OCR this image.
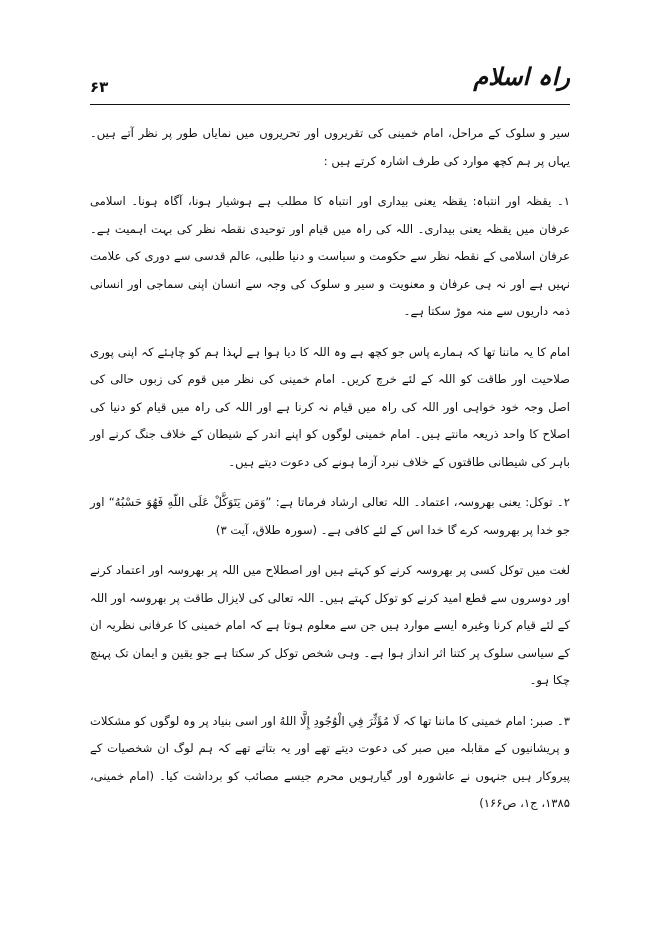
۶۳	راہ اسلام

سیر و سلوک کے مراحل، امام خمینی کی تقریروں اور تحریروں میں نمایاں طور پر نظر آتے ہیں۔ یہاں پر ہم کچھ موارد کی طرف اشارہ کرتے ہیں :

۱۔ یقظہ اور انتباہ: یقظہ یعنی بیداری اور انتباہ کا مطلب ہے ہوشیار ہونا، آگاہ ہونا۔ اسلامی عرفان میں یقظہ یعنی بیداری۔ اللہ کی راہ میں قیام اور توحیدی نقطہ نظر کی بہت اہمیت ہے۔ عرفان اسلامی کے نقطہ نظر سے حکومت و سیاست و دنیا طلبی، عالم قدسی سے دوری کی علامت نہیں ہے اور نہ ہی عرفان و معنویت و سیر و سلوک کی وجہ سے انسان اپنی سماجی اور انسانی ذمہ داریوں سے منہ موڑ سکتا ہے۔

امام کا یہ ماننا تھا کہ ہمارے پاس جو کچھ ہے وہ اللہ کا دیا ہوا ہے لہذا ہم کو چاہئے کہ اپنی پوری صلاحیت اور طاقت کو اللہ کے لئے خرچ کریں۔ امام خمینی کی نظر میں قوم کی زبوں حالی کی اصل وجہ خود خواہی اور اللہ کی راہ میں قیام نہ کرنا ہے اور اللہ کی راہ میں قیام کو دنیا کی اصلاح کا واحد ذریعہ مانتے ہیں۔ امام خمینی لوگوں کو اپنے اندر کے شیطان کے خلاف جنگ کرنے اور باہر کی شیطانی طاقتوں کے خلاف نبرد آزما ہونے کی دعوت دیتے ہیں۔

۲۔ توکل: یعنی بھروسہ، اعتماد۔ اللہ تعالی ارشاد فرماتا ہے: ”وَمَن يَتَوَكَّلْ عَلَى اللّهِ فَهُوَ حَسْبُهُ“ اور جو خدا پر بھروسہ کرے گا خدا اس کے لئے کافی ہے۔ (سورہ طلاق، آیت ۳)

لغت میں توکل کسی پر بھروسہ کرنے کو کہتے ہیں اور اصطلاح میں اللہ پر بھروسہ اور اعتماد کرنے اور دوسروں سے قطع امید کرنے کو توکل کہتے ہیں۔ اللہ تعالی کی لایزال طاقت پر بھروسہ اور اللہ کے لئے قیام کرنا وغیرہ ایسے موارد ہیں جن سے معلوم ہوتا ہے کہ امام خمینی کا عرفانی نظریہ ان کے سیاسی سلوک پر کتنا اثر انداز ہوا ہے۔ وہی شخص توکل کر سکتا ہے جو یقین و ایمان تک پہنچ چکا ہو۔

۳۔ صبر: امام خمینی کا ماننا تھا کہ لَا مُؤَثِّرَ فِي الْوُجُودِ إِلَّا اللهُ اور اسی بنیاد پر وہ لوگوں کو مشکلات و پریشانیوں کے مقابلہ میں صبر کی دعوت دیتے تھے اور یہ بتاتے تھے کہ ہم لوگ ان شخصیات کے پیروکار ہیں جنہوں نے عاشورہ اور گیارہویں محرم جیسے مصائب کو برداشت کیا۔ (امام خمینی، ۱۳۸۵، ج۱، ص۱۶۶)
